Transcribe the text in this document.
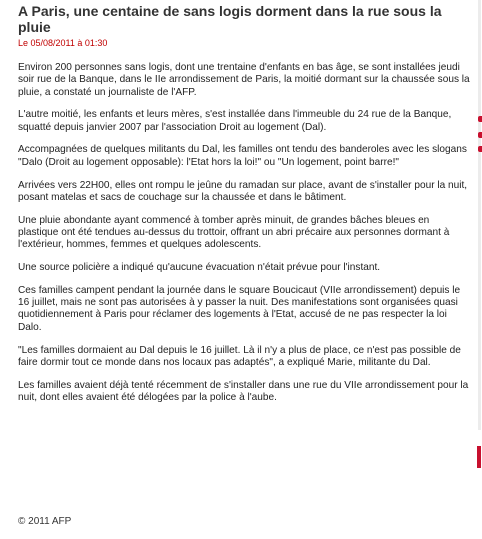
A Paris, une centaine de sans logis dorment dans la rue sous la pluie
Le 05/08/2011 à 01:30

Environ 200 personnes sans logis, dont une trentaine d'enfants en bas âge, se sont installées jeudi soir rue de la Banque, dans le IIe arrondissement de Paris, la moitié dormant sur la chaussée sous la pluie, a constaté un journaliste de l'AFP.

L'autre moitié, les enfants et leurs mères, s'est installée dans l'immeuble du 24 rue de la Banque, squatté depuis janvier 2007 par l'association Droit au logement (Dal).

Accompagnées de quelques militants du Dal, les familles ont tendu des banderoles avec les slogans "Dalo (Droit au logement opposable): l'Etat hors la loi!" ou "Un logement, point barre!"

Arrivées vers 22H00, elles ont rompu le jeûne du ramadan sur place, avant de s'installer pour la nuit, posant matelas et sacs de couchage sur la chaussée et dans le bâtiment.

Une pluie abondante ayant commencé à tomber après minuit, de grandes bâches bleues en plastique ont été tendues au-dessus du trottoir, offrant un abri précaire aux personnes dormant à l'extérieur, hommes, femmes et quelques adolescents.

Une source policière a indiqué qu'aucune évacuation n'était prévue pour l'instant.

Ces familles campent pendant la journée dans le square Boucicaut (VIIe arrondissement) depuis le 16 juillet, mais ne sont pas autorisées à y passer la nuit. Des manifestations sont organisées quasi quotidiennement à Paris pour réclamer des logements à l'Etat, accusé de ne pas respecter la loi Dalo.

"Les familles dormaient au Dal depuis le 16 juillet. Là il n'y a plus de place, ce n'est pas possible de faire dormir tout ce monde dans nos locaux pas adaptés", a expliqué Marie, militante du Dal.

Les familles avaient déjà tenté récemment de s'installer dans une rue du VIIe arrondissement pour la nuit, dont elles avaient été délogées par la police à l'aube.

© 2011 AFP
